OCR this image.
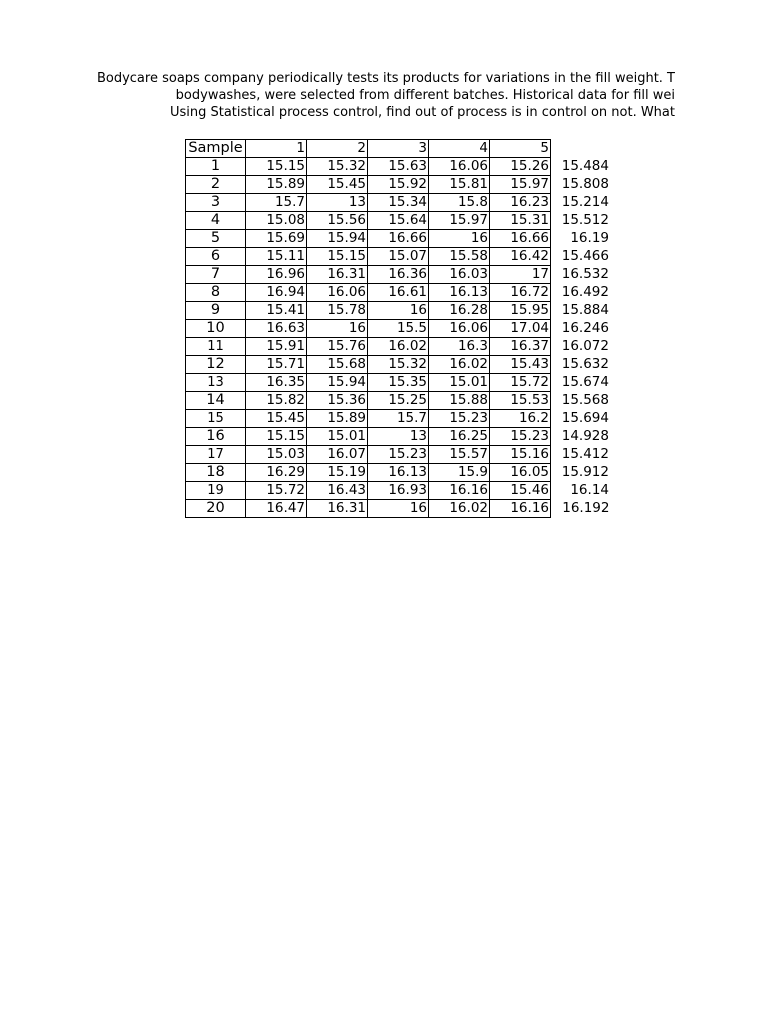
Bodycare soaps company periodically tests its products for variations in the fill weight. T
bodywashes, were selected from different batches. Historical data for fill wei
Using Statistical process control, find out of process is in control on not. What
Sample	1	2	3	4	5	
1	15.15	15.32	15.63	16.06	15.26	15.484
2	15.89	15.45	15.92	15.81	15.97	15.808
3	15.7	13	15.34	15.8	16.23	15.214
4	15.08	15.56	15.64	15.97	15.31	15.512
5	15.69	15.94	16.66	16	16.66	16.19
6	15.11	15.15	15.07	15.58	16.42	15.466
7	16.96	16.31	16.36	16.03	17	16.532
8	16.94	16.06	16.61	16.13	16.72	16.492
9	15.41	15.78	16	16.28	15.95	15.884
10	16.63	16	15.5	16.06	17.04	16.246
11	15.91	15.76	16.02	16.3	16.37	16.072
12	15.71	15.68	15.32	16.02	15.43	15.632
13	16.35	15.94	15.35	15.01	15.72	15.674
14	15.82	15.36	15.25	15.88	15.53	15.568
15	15.45	15.89	15.7	15.23	16.2	15.694
16	15.15	15.01	13	16.25	15.23	14.928
17	15.03	16.07	15.23	15.57	15.16	15.412
18	16.29	15.19	16.13	15.9	16.05	15.912
19	15.72	16.43	16.93	16.16	15.46	16.14
20	16.47	16.31	16	16.02	16.16	16.192
